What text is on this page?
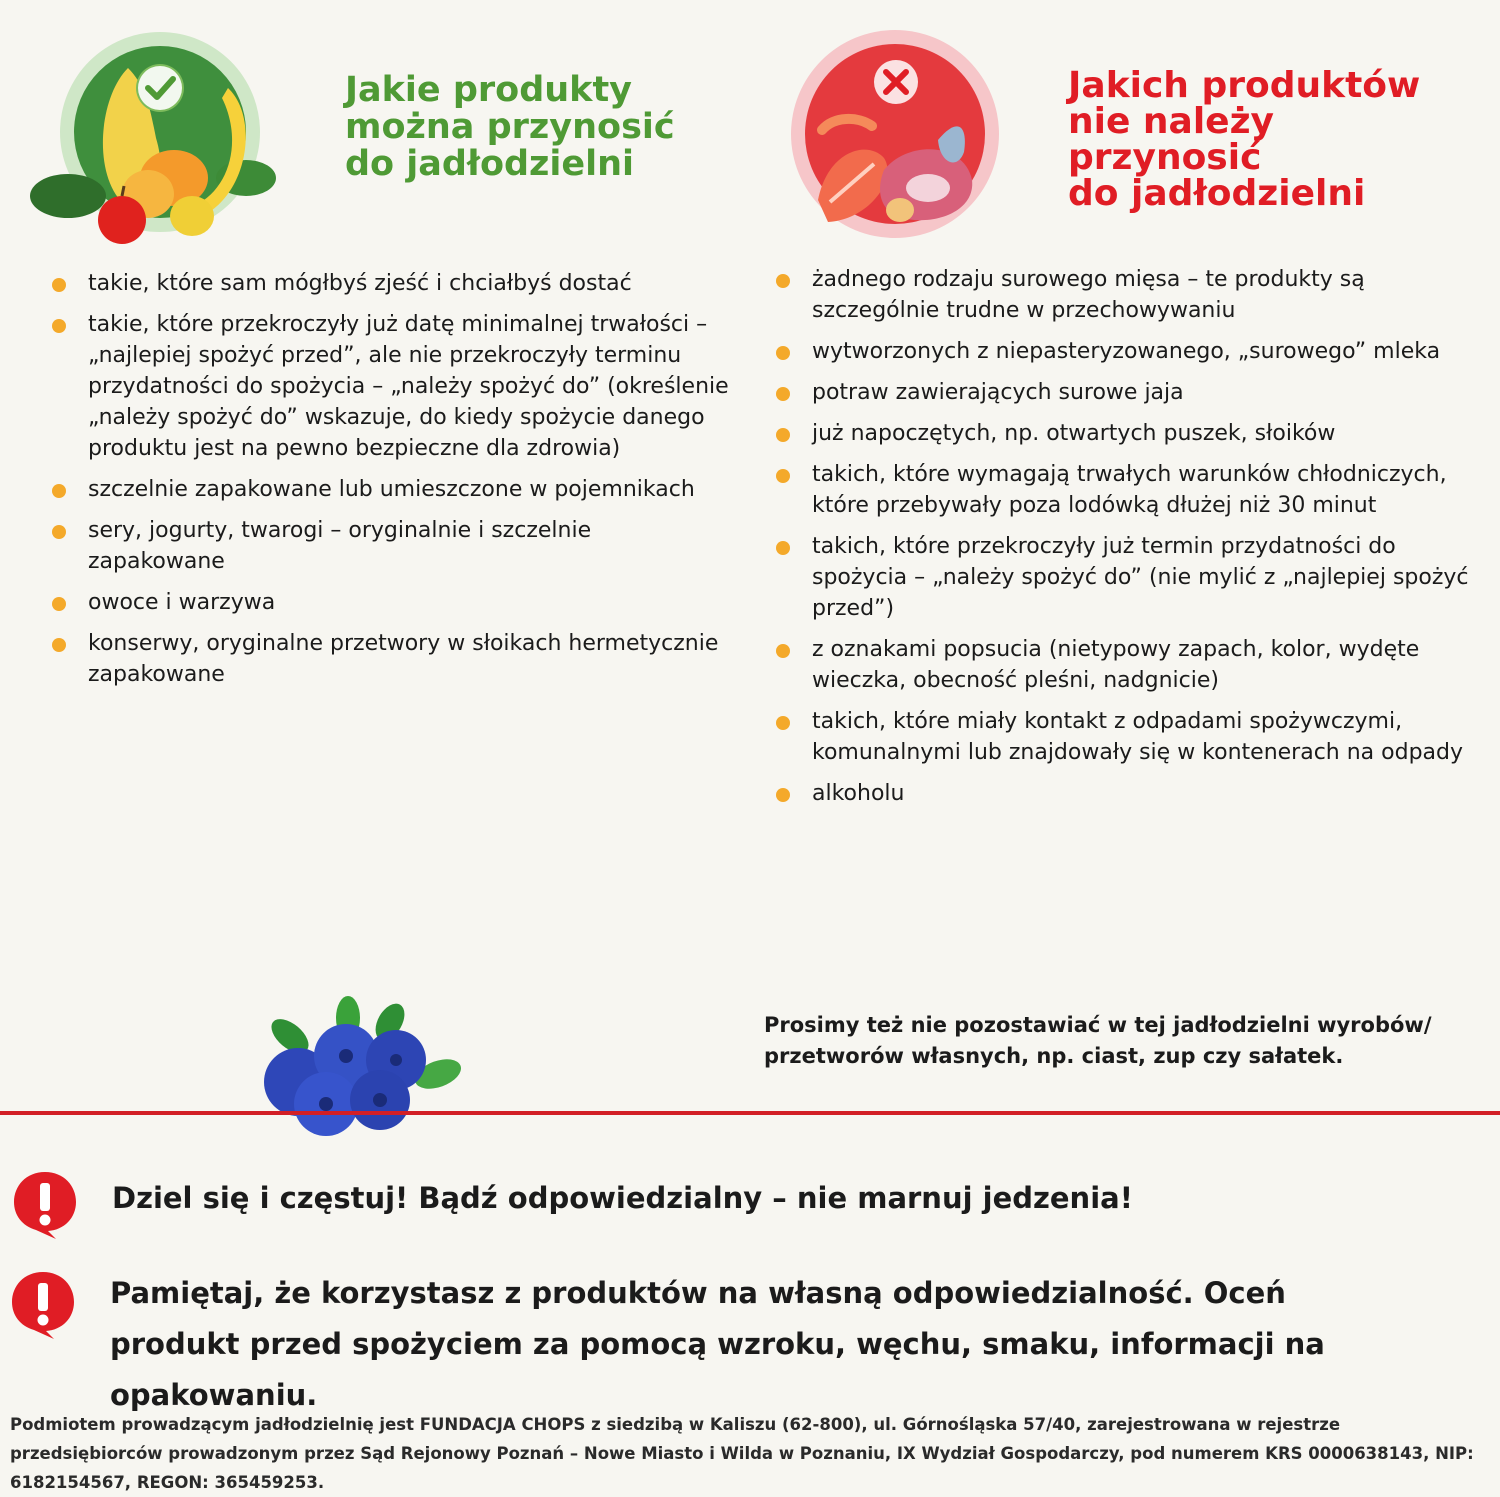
Jakie produkty
można przynosić
do jadłodzielni
Jakich produktów
nie należy
przynosić
do jadłodzielni
takie, które sam mógłbyś zjeść i chciałbyś dostać
takie, które przekroczyły już datę minimalnej trwałości – „najlepiej spożyć przed”, ale nie przekroczyły terminu przydatności do spożycia – „należy spożyć do” (określenie „należy spożyć do” wskazuje, do kiedy spożycie danego produktu jest na pewno bezpieczne dla zdrowia)
szczelnie zapakowane lub umieszczone w pojemnikach
sery, jogurty, twarogi – oryginalnie i szczelnie zapakowane
owoce i warzywa
konserwy, oryginalne przetwory w słoikach hermetycznie zapakowane
żadnego rodzaju surowego mięsa – te produkty są szczególnie trudne w przechowywaniu
wytworzonych z niepasteryzowanego, „surowego” mleka
potraw zawierających surowe jaja
już napoczętych, np. otwartych puszek, słoików
takich, które wymagają trwałych warunków chłodniczych, które przebywały poza lodówką dłużej niż 30 minut
takich, które przekroczyły już termin przydatności do spożycia – „należy spożyć do” (nie mylić z „najlepiej spożyć przed”)
z oznakami popsucia (nietypowy zapach, kolor, wydęte wieczka, obecność pleśni, nadgnicie)
takich, które miały kontakt z odpadami spożywczymi, komunalnymi lub znajdowały się w kontenerach na odpady
alkoholu

Prosimy też nie pozostawiać w tej jadłodzielni wyrobów/ przetworów własnych, np. ciast, zup czy sałatek.

Dziel się i częstuj! Bądź odpowiedzialny – nie marnuj jedzenia!

Pamiętaj, że korzystasz z produktów na własną odpowiedzialność. Oceń produkt przed spożyciem za pomocą wzroku, węchu, smaku, informacji na opakowaniu.

Podmiotem prowadzącym jadłodzielnię jest FUNDACJA CHOPS z siedzibą w Kaliszu (62-800), ul. Górnośląska 57/40, zarejestrowana w rejestrze przedsiębiorców prowadzonym przez Sąd Rejonowy Poznań – Nowe Miasto i Wilda w Poznaniu, IX Wydział Gospodarczy, pod numerem KRS 0000638143, NIP: 6182154567, REGON: 365459253.
